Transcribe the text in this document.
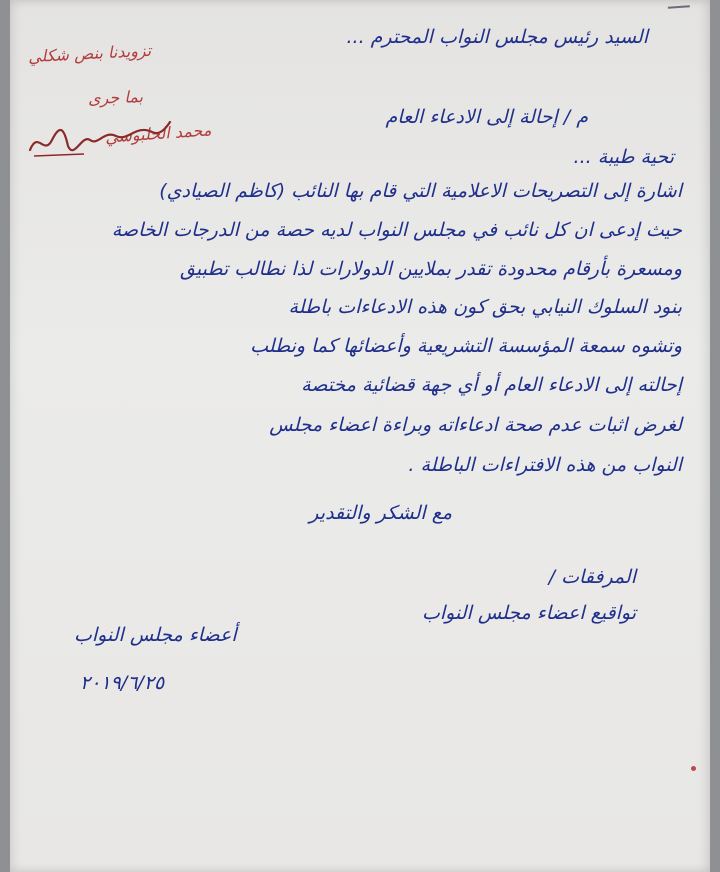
تزويدنا بنص شكلي
بما جرى
محمد الحلبوسي
السيد رئيس مجلس النواب المحترم ...
م / إحالة إلى الادعاء العام
تحية طيبة ...
اشارة إلى التصريحات الاعلامية التي قام بها النائب (كاظم الصيادي)
حيث إدعى ان كل نائب في مجلس النواب لديه حصة من الدرجات الخاصة
ومسعرة بأرقام محدودة تقدر بملايين الدولارات لذا نطالب تطبيق
بنود السلوك النيابي بحق كون هذه الادعاءات باطلة
وتشوه سمعة المؤسسة التشريعية وأعضائها كما ونطلب
إحالته إلى الادعاء العام أو أي جهة قضائية مختصة
لغرض اثبات عدم صحة ادعاءاته وبراءة اعضاء مجلس
النواب من هذه الافتراءات الباطلة .
مع الشكر والتقدير
المرفقات /
تواقيع اعضاء مجلس النواب
أعضاء مجلس النواب
٢٠١٩/٦/٢٥
